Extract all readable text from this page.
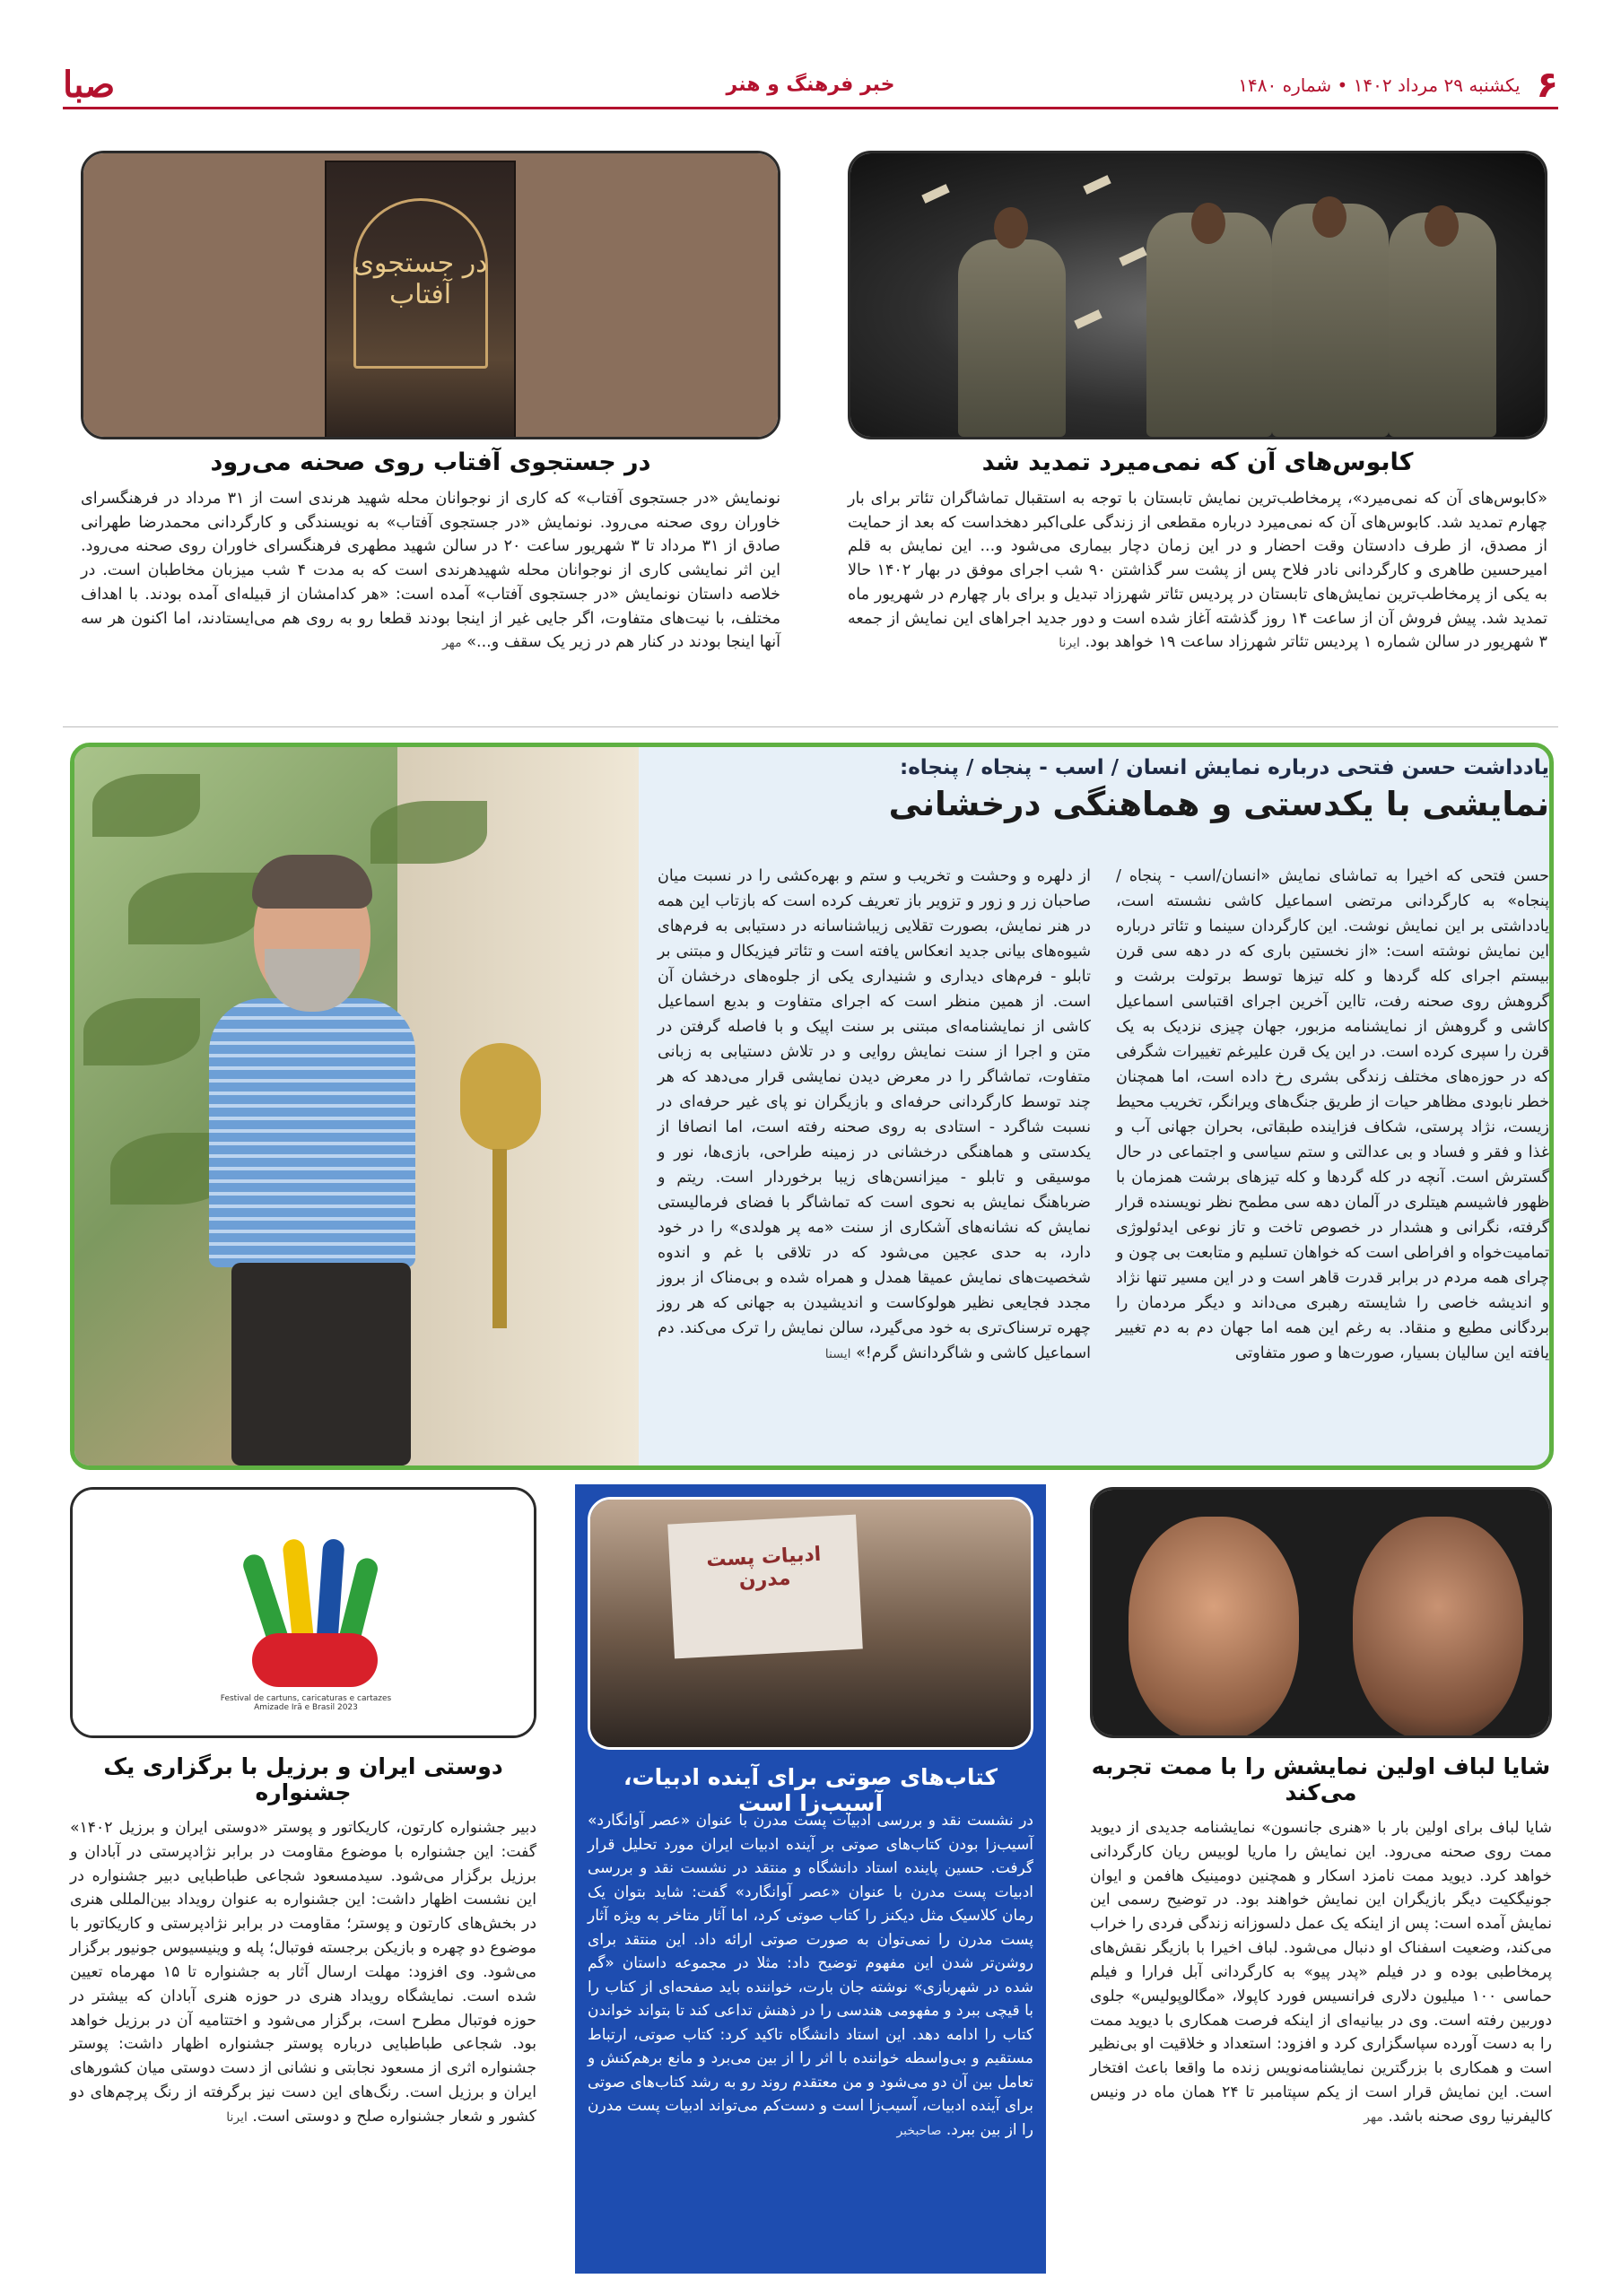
۶
یکشنبه ۲۹ مرداد ۱۴۰۲ • شماره ۱۴۸۰
خبر فرهنگ و هنر
صبا
کابوس‌های آن که نمی‌میرد تمدید شد

«کابوس‌های آن که نمی‌میرد»، پرمخاطب‌ترین نمایش تابستان با توجه به استقبال تماشاگران تئاتر برای بار چهارم تمدید شد. کابوس‌های آن که نمی‌میرد درباره مقطعی از زندگی علی‌اکبر دهخداست که بعد از حمایت از مصدق، از طرف دادستان وقت احضار و در این زمان دچار بیماری می‌شود و... این نمایش به قلم امیرحسین طاهری و کارگردانی نادر فلاح پس از پشت سر گذاشتن ۹۰ شب اجرای موفق در بهار ۱۴۰۲ حالا به یکی از پرمخاطب‌ترین نمایش‌های تابستان در پردیس تئاتر شهرزاد تبدیل و برای بار چهارم در شهریور ماه تمدید شد. پیش فروش آن از ساعت ۱۴ روز گذشته آغاز شده است و دور جدید اجراهای این نمایش از جمعه ۳ شهریور در سالن شماره ۱ پردیس تئاتر شهرزاد ساعت ۱۹ خواهد بود. ایرنا

در جستجوی آفتاب
در جستجوی آفتاب روی صحنه می‌رود

نونمایش «در جستجوی آفتاب» که کاری از نوجوانان محله شهید هرندی است از ۳۱ مرداد در فرهنگسرای خاوران روی صحنه می‌رود. نونمایش «در جستجوی آفتاب» به نویسندگی و کارگردانی محمدرضا طهرانی صادق از ۳۱ مرداد تا ۳ شهریور ساعت ۲۰ در سالن شهید مطهری فرهنگسرای خاوران روی صحنه می‌رود. این اثر نمایشی کاری از نوجوانان محله شهیدهرندی است که به مدت ۴ شب میزبان مخاطبان است. در خلاصه داستان نونمایش «در جستجوی آفتاب» آمده است: «هر کدامشان از قبیله‌ای آمده بودند. با اهداف مختلف، با نیت‌های متفاوت، اگر جایی غیر از اینجا بودند قطعا رو به روی هم می‌ایستادند، اما اکنون هر سه آنها اینجا بودند در کنار هم در زیر یک سقف و...» مهر

یادداشت حسن فتحی درباره نمایش انسان / اسب - پنجاه / پنجاه:
نمایشی با یکدستی و هماهنگی درخشانی
حسن فتحی که اخیرا به تماشای نمایش «انسان/اسب - پنجاه / پنجاه» به کارگردانی مرتضی اسماعیل کاشی نشسته است، یادداشتی بر این نمایش نوشت. این کارگردان سینما و تئاتر درباره این نمایش نوشته است: «از نخستین باری که در دهه سی قرن بیستم اجرای کله گردها و کله تیزها توسط برتولت برشت و گروهش روی صحنه رفت، تااین آخرین اجرای اقتباسی اسماعیل کاشی و گروهش از نمایشنامه مزبور، جهان چیزی نزدیک به یک قرن را سپری کرده است. در این یک قرن علیرغم تغییرات شگرفی که در حوزه‌های مختلف زندگی بشری رخ داده است، اما همچنان خطر نابودی مظاهر حیات از طریق جنگ‌های ویرانگر، تخریب محیط زیست، نژاد پرستی، شکاف فزاینده طبقاتی، بحران جهانی آب و غذا و فقر و فساد و بی عدالتی و ستم سیاسی و اجتماعی در حال گسترش است. آنچه در کله گردها و کله تیزهای برشت همزمان با ظهور فاشیسم هیتلری در آلمان دهه سی مطمح نظر نویسنده قرار گرفته، نگرانی و هشدار در خصوص تاخت و تاز نوعی ایدئولوژی تمامیت‌خواه و افراطی است که خواهان تسلیم و متابعت بی چون و چرای همه مردم در برابر قدرت قاهر است و در این مسیر تنها نژاد و اندیشه خاصی را شایسته رهبری می‌داند و دیگر مردمان را بردگانی مطیع و منقاد. به رغم این همه اما جهان دم به دم تغییر یافته این سالیان بسیار، صورت‌ها و صور متفاوتی
از دلهره و وحشت و تخریب و ستم و بهره‌کشی را در نسبت میان صاحبان زر و زور و تزویر باز تعریف کرده است که بازتاب این همه در هنر نمایش، بصورت تقلایی زیباشناسانه در دستیابی به فرم‌های شیوه‌های بیانی جدید انعکاس یافته است و تئاتر فیزیکال و مبتنی بر تابلو - فرم‌های دیداری و شنیداری یکی از جلوه‌های درخشان آن است. از همین منظر است که اجرای متفاوت و بدیع اسماعیل کاشی از نمایشنامه‌ای مبتنی بر سنت اپیک و با فاصله گرفتن در متن و اجرا از سنت نمایش روایی و در تلاش دستیابی به زبانی متفاوت، تماشاگر را در معرض دیدن نمایشی قرار می‌دهد که هر چند توسط کارگردانی حرفه‌ای و بازیگران نو پای غیر حرفه‌ای در نسبت شاگرد - استادی به روی صحنه رفته است، اما انصافا از یکدستی و هماهنگی درخشانی در زمینه طراحی، بازی‌ها، نور و موسیقی و تابلو - میزانسن‌های زیبا برخوردار است. ریتم و ضرباهنگ نمایش به نحوی است که تماشاگر با فضای فرمالیستی نمایش که نشانه‌های آشکاری از سنت «مه پر هولدی» را در خود دارد، به حدی عجین می‌شود که در تلاقی با غم و اندوه شخصیت‌های نمایش عمیقا همدل و همراه شده و بی‌مناک از بروز مجدد فجایعی نظیر هولوکاست و اندیشیدن به جهانی که هر روز چهره ترسناک‌تری به خود می‌گیرد، سالن نمایش را ترک می‌کند. دم اسماعیل کاشی و شاگردانش گرم!» ایسنا
شایا لباف اولین نمایشش را با ممت تجربه می‌کند

شایا لباف برای اولین بار با «هنری جانسون» نمایشنامه جدیدی از دیوید ممت روی صحنه می‌رود. این نمایش را ماریا لوبیس ریان کارگردانی خواهد کرد. دیوید ممت نامزد اسکار و همچنین دومینیک هافمن و ایوان جونیگکیت دیگر بازیگران این نمایش خواهند بود. در توضیح رسمی این نمایش آمده است: پس از اینکه یک عمل دلسوزانه زندگی فردی را خراب می‌کند، وضعیت اسفناک او دنبال می‌شود. لباف اخیرا با بازیگر نقش‌های پرمخاطبی بوده و در فیلم «پدر پیو» به کارگردانی آبل فرارا و فیلم حماسی ۱۰۰ میلیون دلاری فرانسیس فورد کاپولا، «مگالوپولیس» جلوی دوربین رفته است. وی در بیانیه‌ای از اینکه فرصت همکاری با دیوید ممت را به دست آورده سپاسگزاری کرد و افزود: استعداد و خلاقیت او بی‌نظیر است و همکاری با بزرگترین نمایشنامه‌نویس زنده ما واقعا باعث افتخار است. این نمایش قرار است از یکم سپتامبر تا ۲۴ همان ماه در ونیس کالیفرنیا روی صحنه باشد. مهر

ادبیات پست مدرن
کتاب‌های صوتی برای آینده ادبیات، آسیب‌زا است

در نشست نقد و بررسی ادبیات پست مدرن با عنوان «عصر آوانگارد» آسیب‌زا بودن کتاب‌های صوتی بر آینده ادبیات ایران مورد تحلیل قرار گرفت. حسین پاینده استاد دانشگاه و منتقد در نشست نقد و بررسی ادبیات پست مدرن با عنوان «عصر آوانگارد» گفت: شاید بتوان یک رمان کلاسیک مثل دیکنز را کتاب صوتی کرد، اما آثار متاخر به ویژه آثار پست مدرن را نمی‌توان به صورت صوتی ارائه داد. این منتقد برای روشن‌تر شدن این مفهوم توضیح داد: مثلا در مجموعه داستان «گم شده در شهربازی» نوشته جان بارت، خواننده باید صفحه‌ای از کتاب را با قیچی ببرد و مفهومی هندسی را در ذهنش تداعی کند تا بتواند خواندن کتاب را ادامه دهد. این استاد دانشگاه تاکید کرد: کتاب صوتی، ارتباط مستقیم و بی‌واسطه خواننده با اثر را از بین می‌برد و مانع برهم‌کنش و تعامل بین آن دو می‌شود و من معتقدم روند رو به رشد کتاب‌های صوتی برای آینده ادبیات، آسیب‌زا است و دست‌کم می‌تواند ادبیات پست مدرن را از بین ببرد. صاحبخبر

Festival de cartuns, caricaturas e cartazes Amizade Irã e Brasil 2023
دوستی ایران و برزیل با برگزاری یک جشنواره

دبیر جشنواره کارتون، کاریکاتور و پوستر «دوستی ایران و برزیل ۱۴۰۲» گفت: این جشنواره با موضوع مقاومت در برابر نژادپرستی در آبادان و برزیل برگزار می‌شود. سیدمسعود شجاعی طباطبایی دبیر جشنواره در این نشست اظهار داشت: این جشنواره به عنوان رویداد بین‌المللی هنری در بخش‌های کارتون و پوستر؛ مقاومت در برابر نژادپرستی و کاریکاتور با موضوع دو چهره و بازیکن برجسته فوتبال؛ پله و وینیسیوس جونیور برگزار می‌شود. وی افزود: مهلت ارسال آثار به جشنواره تا ۱۵ مهرماه تعیین شده است. نمایشگاه رویداد هنری در حوزه هنری آبادان که بیشتر در حوزه فوتبال مطرح است، برگزار می‌شود و اختتامیه آن در برزیل خواهد بود. شجاعی طباطبایی درباره پوستر جشنواره اظهار داشت: پوستر جشنواره اثری از مسعود نجابتی و نشانی از دست دوستی میان کشورهای ایران و برزیل است. رنگ‌های این دست نیز برگرفته از رنگ پرچم‌های دو کشور و شعار جشنواره صلح و دوستی است. ایرنا
